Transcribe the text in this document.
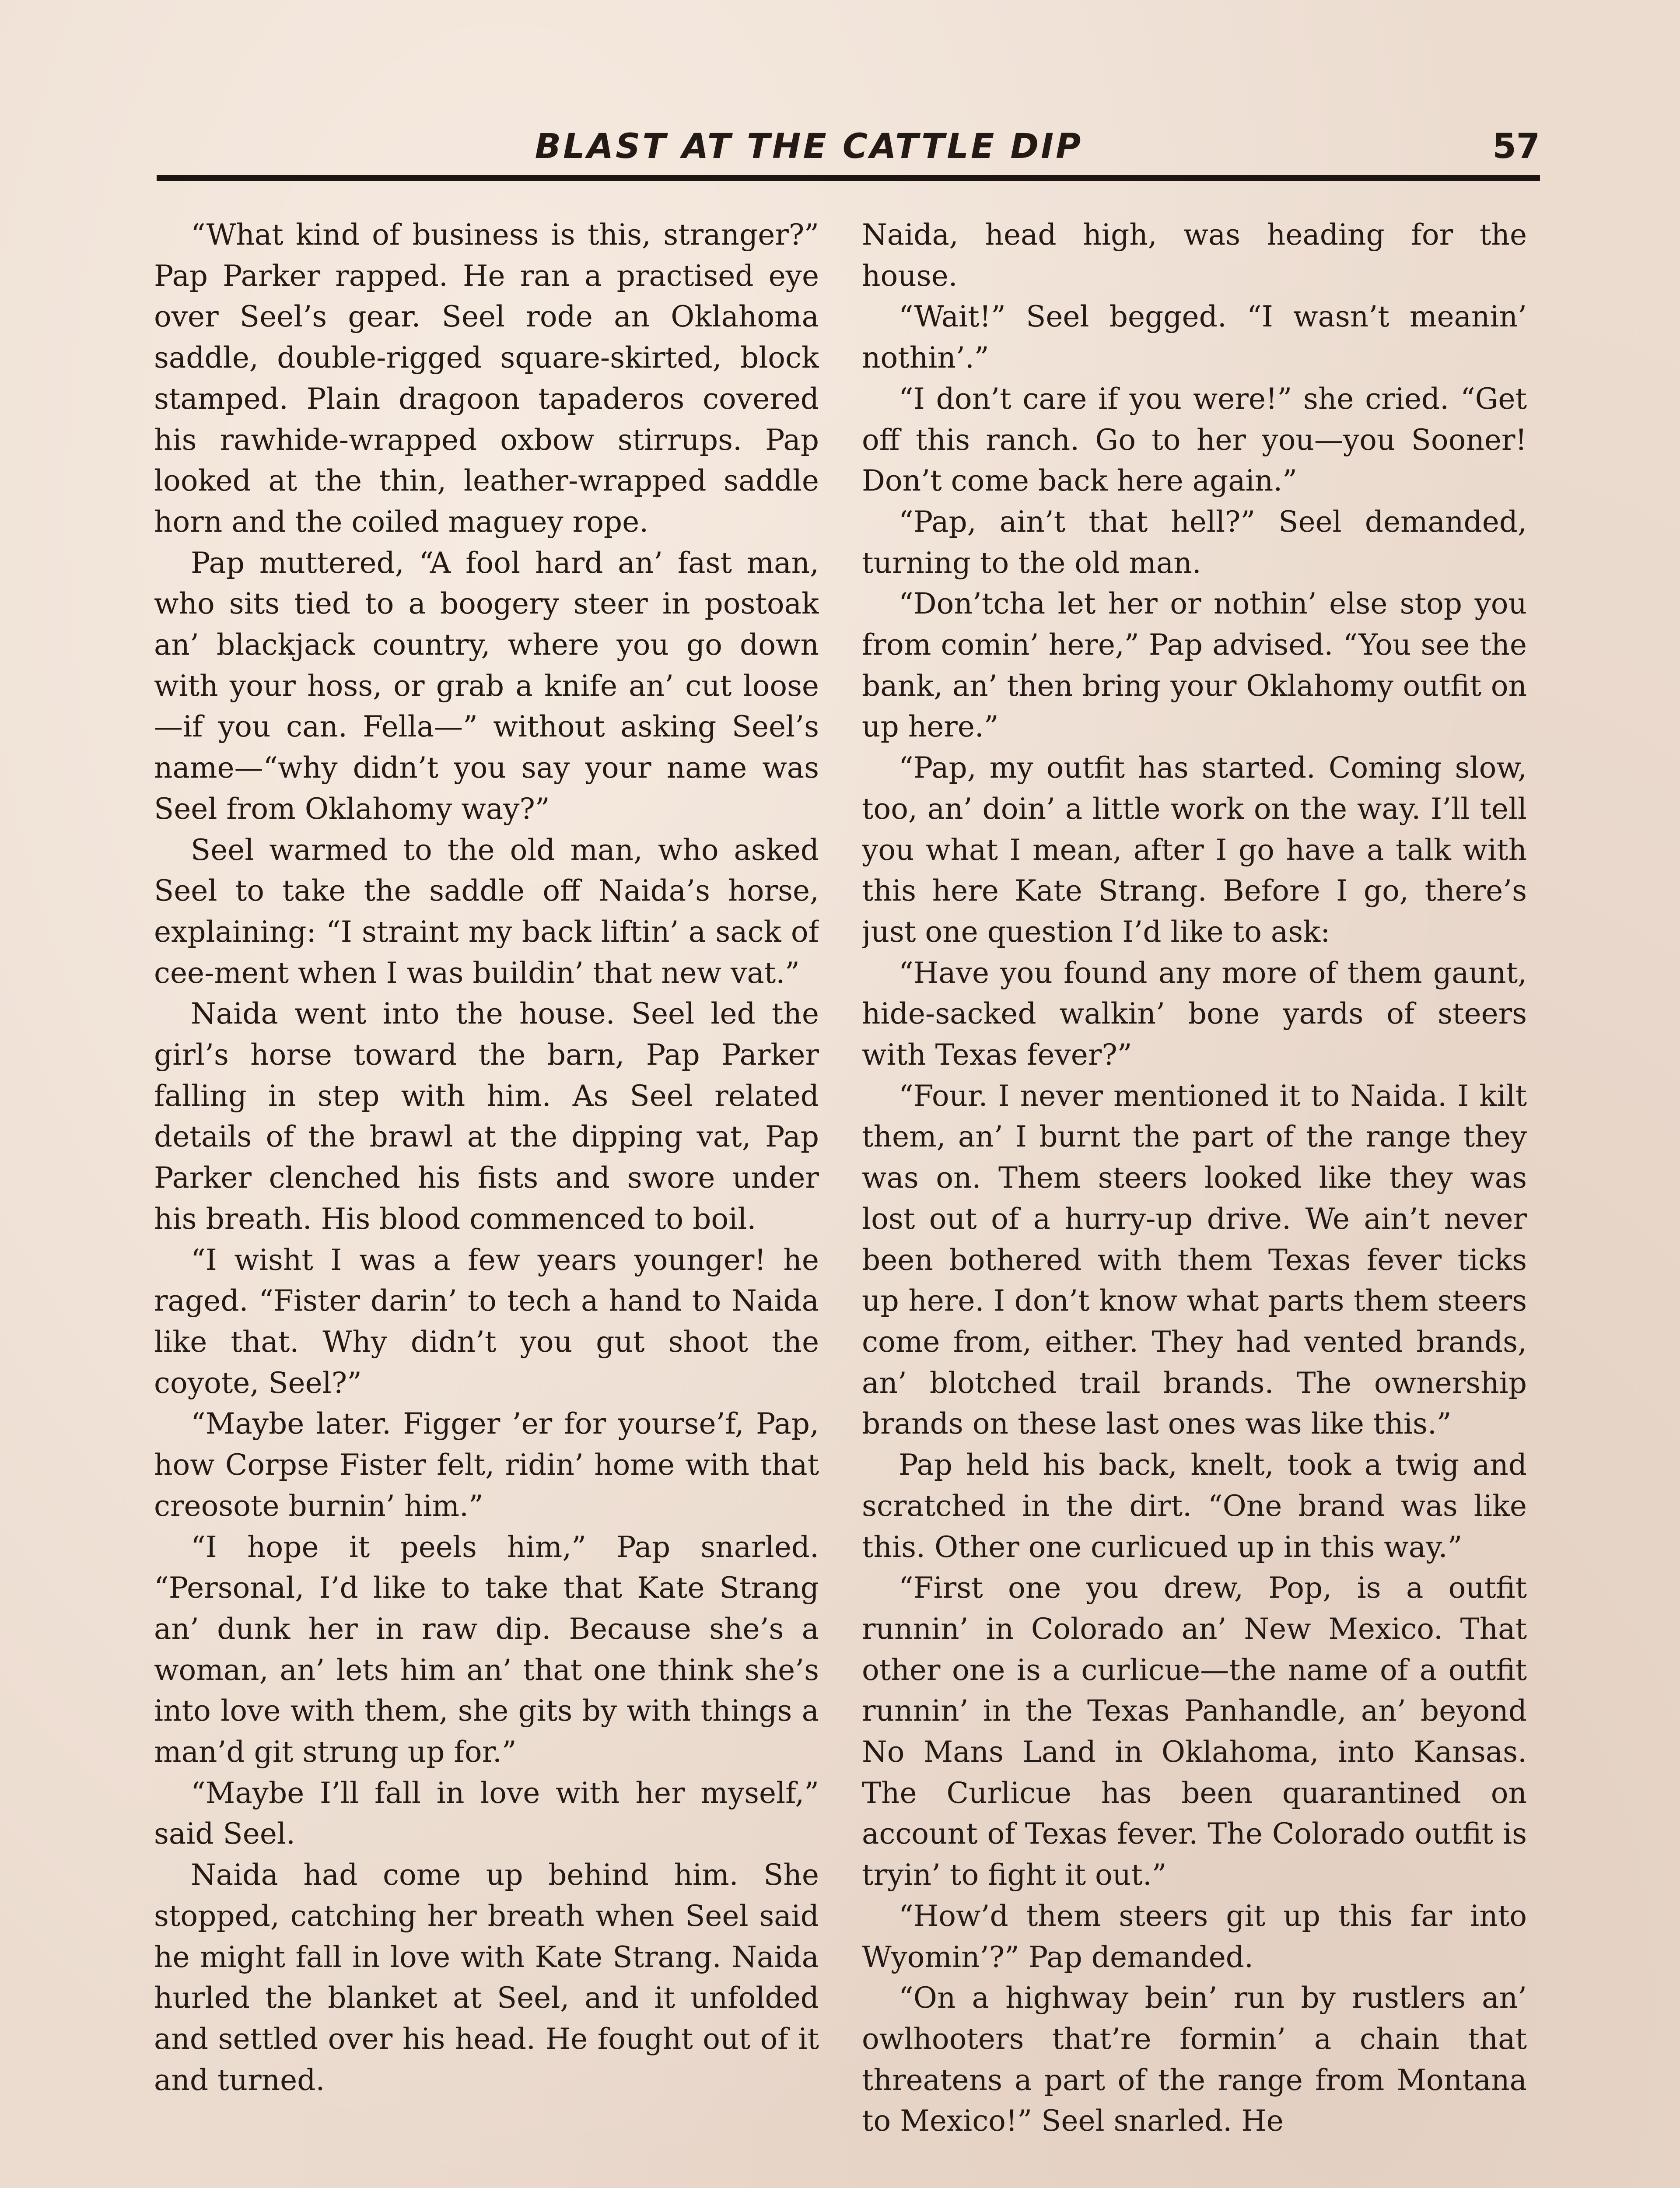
BLAST AT THE CATTLE DIP	57

“What kind of business is this, stranger?” Pap Parker rapped. He ran a practised eye over Seel’s gear. Seel rode an Oklahoma saddle, double-rigged square-skirted, block stamped. Plain dragoon tapaderos covered his rawhide-wrapped oxbow stirrups. Pap looked at the thin, leather-wrapped saddle horn and the coiled maguey rope.

Pap muttered, “A fool hard an’ fast man, who sits tied to a boogery steer in postoak an’ blackjack country, where you go down with your hoss, or grab a knife an’ cut loose—if you can. Fella—” without asking Seel’s name—“why didn’t you say your name was Seel from Oklahomy way?”

Seel warmed to the old man, who asked Seel to take the saddle off Naida’s horse, explaining: “I straint my back liftin’ a sack of cee-ment when I was buildin’ that new vat.”

Naida went into the house. Seel led the girl’s horse toward the barn, Pap Parker falling in step with him. As Seel related details of the brawl at the dipping vat, Pap Parker clenched his fists and swore under his breath. His blood commenced to boil.

“I wisht I was a few years younger! he raged. “Fister darin’ to tech a hand to Naida like that. Why didn’t you gut shoot the coyote, Seel?”

“Maybe later. Figger ’er for yourse’f, Pap, how Corpse Fister felt, ridin’ home with that creosote burnin’ him.”

“I hope it peels him,” Pap snarled. “Personal, I’d like to take that Kate Strang an’ dunk her in raw dip. Because she’s a woman, an’ lets him an’ that one think she’s into love with them, she gits by with things a man’d git strung up for.”

“Maybe I’ll fall in love with her myself,” said Seel.

Naida had come up behind him. She stopped, catching her breath when Seel said he might fall in love with Kate Strang. Naida hurled the blanket at Seel, and it unfolded and settled over his head. He fought out of it and turned.

Naida, head high, was heading for the house.

“Wait!” Seel begged. “I wasn’t meanin’ nothin’.”

“I don’t care if you were!” she cried. “Get off this ranch. Go to her you—you Sooner! Don’t come back here again.”

“Pap, ain’t that hell?” Seel demanded, turning to the old man.

“Don’tcha let her or nothin’ else stop you from comin’ here,” Pap advised. “You see the bank, an’ then bring your Oklahomy outfit on up here.”

“Pap, my outfit has started. Coming slow, too, an’ doin’ a little work on the way. I’ll tell you what I mean, after I go have a talk with this here Kate Strang. Before I go, there’s just one question I’d like to ask:

“Have you found any more of them gaunt, hide-sacked walkin’ bone yards of steers with Texas fever?”

“Four. I never mentioned it to Naida. I kilt them, an’ I burnt the part of the range they was on. Them steers looked like they was lost out of a hurry-up drive. We ain’t never been bothered with them Texas fever ticks up here. I don’t know what parts them steers come from, either. They had vented brands, an’ blotched trail brands. The ownership brands on these last ones was like this.”

Pap held his back, knelt, took a twig and scratched in the dirt. “One brand was like this. Other one curlicued up in this way.”

“First one you drew, Pop, is a outfit runnin’ in Colorado an’ New Mexico. That other one is a curlicue—the name of a outfit runnin’ in the Texas Panhandle, an’ beyond No Mans Land in Oklahoma, into Kansas. The Curlicue has been quarantined on account of Texas fever. The Colorado outfit is tryin’ to fight it out.”

“How’d them steers git up this far into Wyomin’?” Pap demanded.

“On a highway bein’ run by rustlers an’ owlhooters that’re formin’ a chain that threatens a part of the range from Montana to Mexico!” Seel snarled. He
